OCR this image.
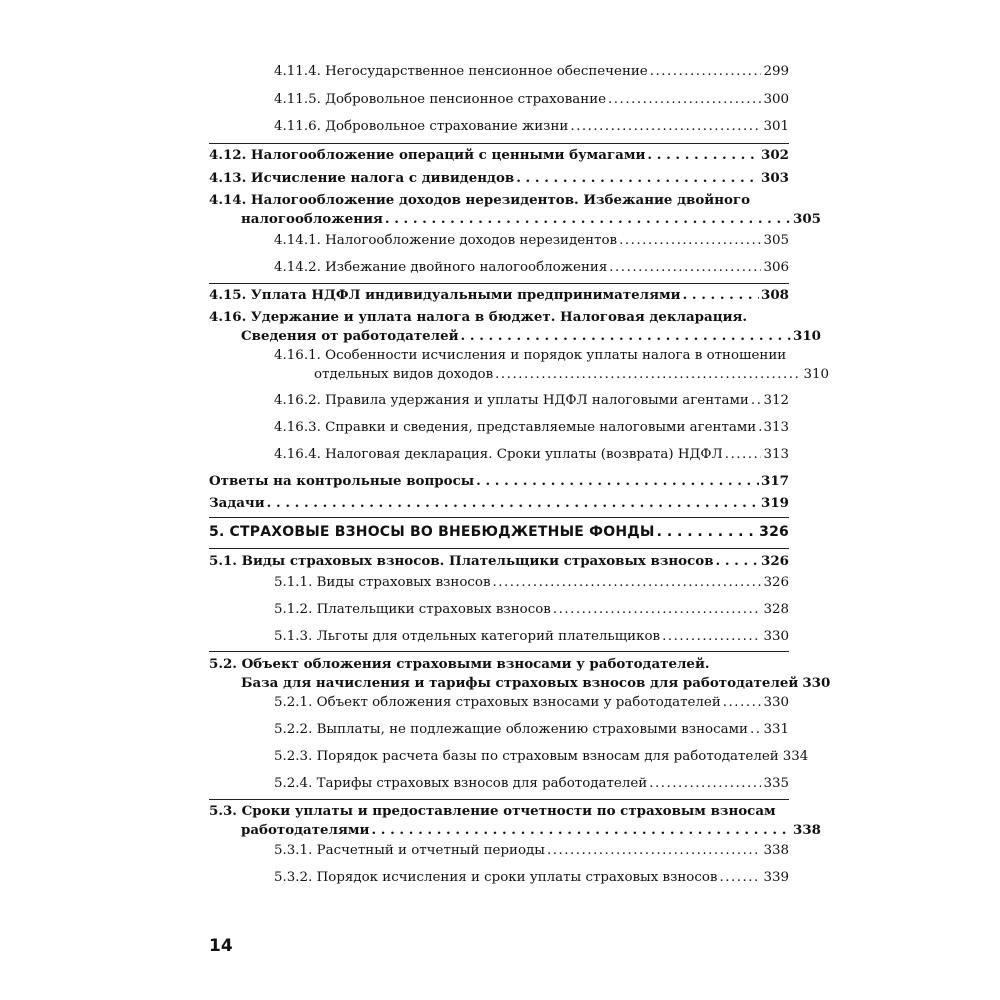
4.11.4. Негосударственное пенсионное обеспечение .....	299
4.11.5. Добровольное пенсионное страхование .....	300
4.11.6. Добровольное страхование жизни .....	301
4.12. Налогообложение операций с ценными бумагами . . .	302
4.13. Исчисление налога с дивидендов . . .	303
4.14. Налогообложение доходов нерезидентов. Избежание двойного
налогообложения . . .	305
4.14.1. Налогообложение доходов нерезидентов .....	305
4.14.2. Избежание двойного налогообложения .....	306
4.15. Уплата НДФЛ индивидуальными предпринимателями . . .	308
4.16. Удержание и уплата налога в бюджет. Налоговая декларация.
Сведения от работодателей . . .	310
4.16.1. Особенности исчисления и порядок уплаты налога в отношении
отдельных видов доходов .....	310
4.16.2. Правила удержания и уплаты НДФЛ налоговыми агентами ..... 312
4.16.3. Справки и сведения, представляемые налоговыми агентами ..... 313
4.16.4. Налоговая декларация. Сроки уплаты (возврата) НДФЛ .....	313
Ответы на контрольные вопросы . . .	317
Задачи . . .	319
5. СТРАХОВЫЕ ВЗНОСЫ ВО ВНЕБЮДЖЕТНЫЕ ФОНДЫ . . .	326
5.1. Виды страховых взносов. Плательщики страховых взносов . . .	326
5.1.1. Виды страховых взносов .....	326
5.1.2. Плательщики страховых взносов .....	328
5.1.3. Льготы для отдельных категорий плательщиков .....	330
5.2. Объект обложения страховыми взносами у работодателей.
База для начисления и тарифы страховых взносов для работодателей 330
5.2.1. Объект обложения страховых взносами у работодателей .....	330
5.2.2. Выплаты, не подлежащие обложению страховыми взносами ..... 331
5.2.3. Порядок расчета базы по страховым взносам для работодателей 334
5.2.4. Тарифы страховых взносов для работодателей .....	335
5.3. Сроки уплаты и предоставление отчетности по страховым взносам
работодателями . . .	338
5.3.1. Расчетный и отчетный периоды .....	338
5.3.2. Порядок исчисления и сроки уплаты страховых взносов .....	339
14
